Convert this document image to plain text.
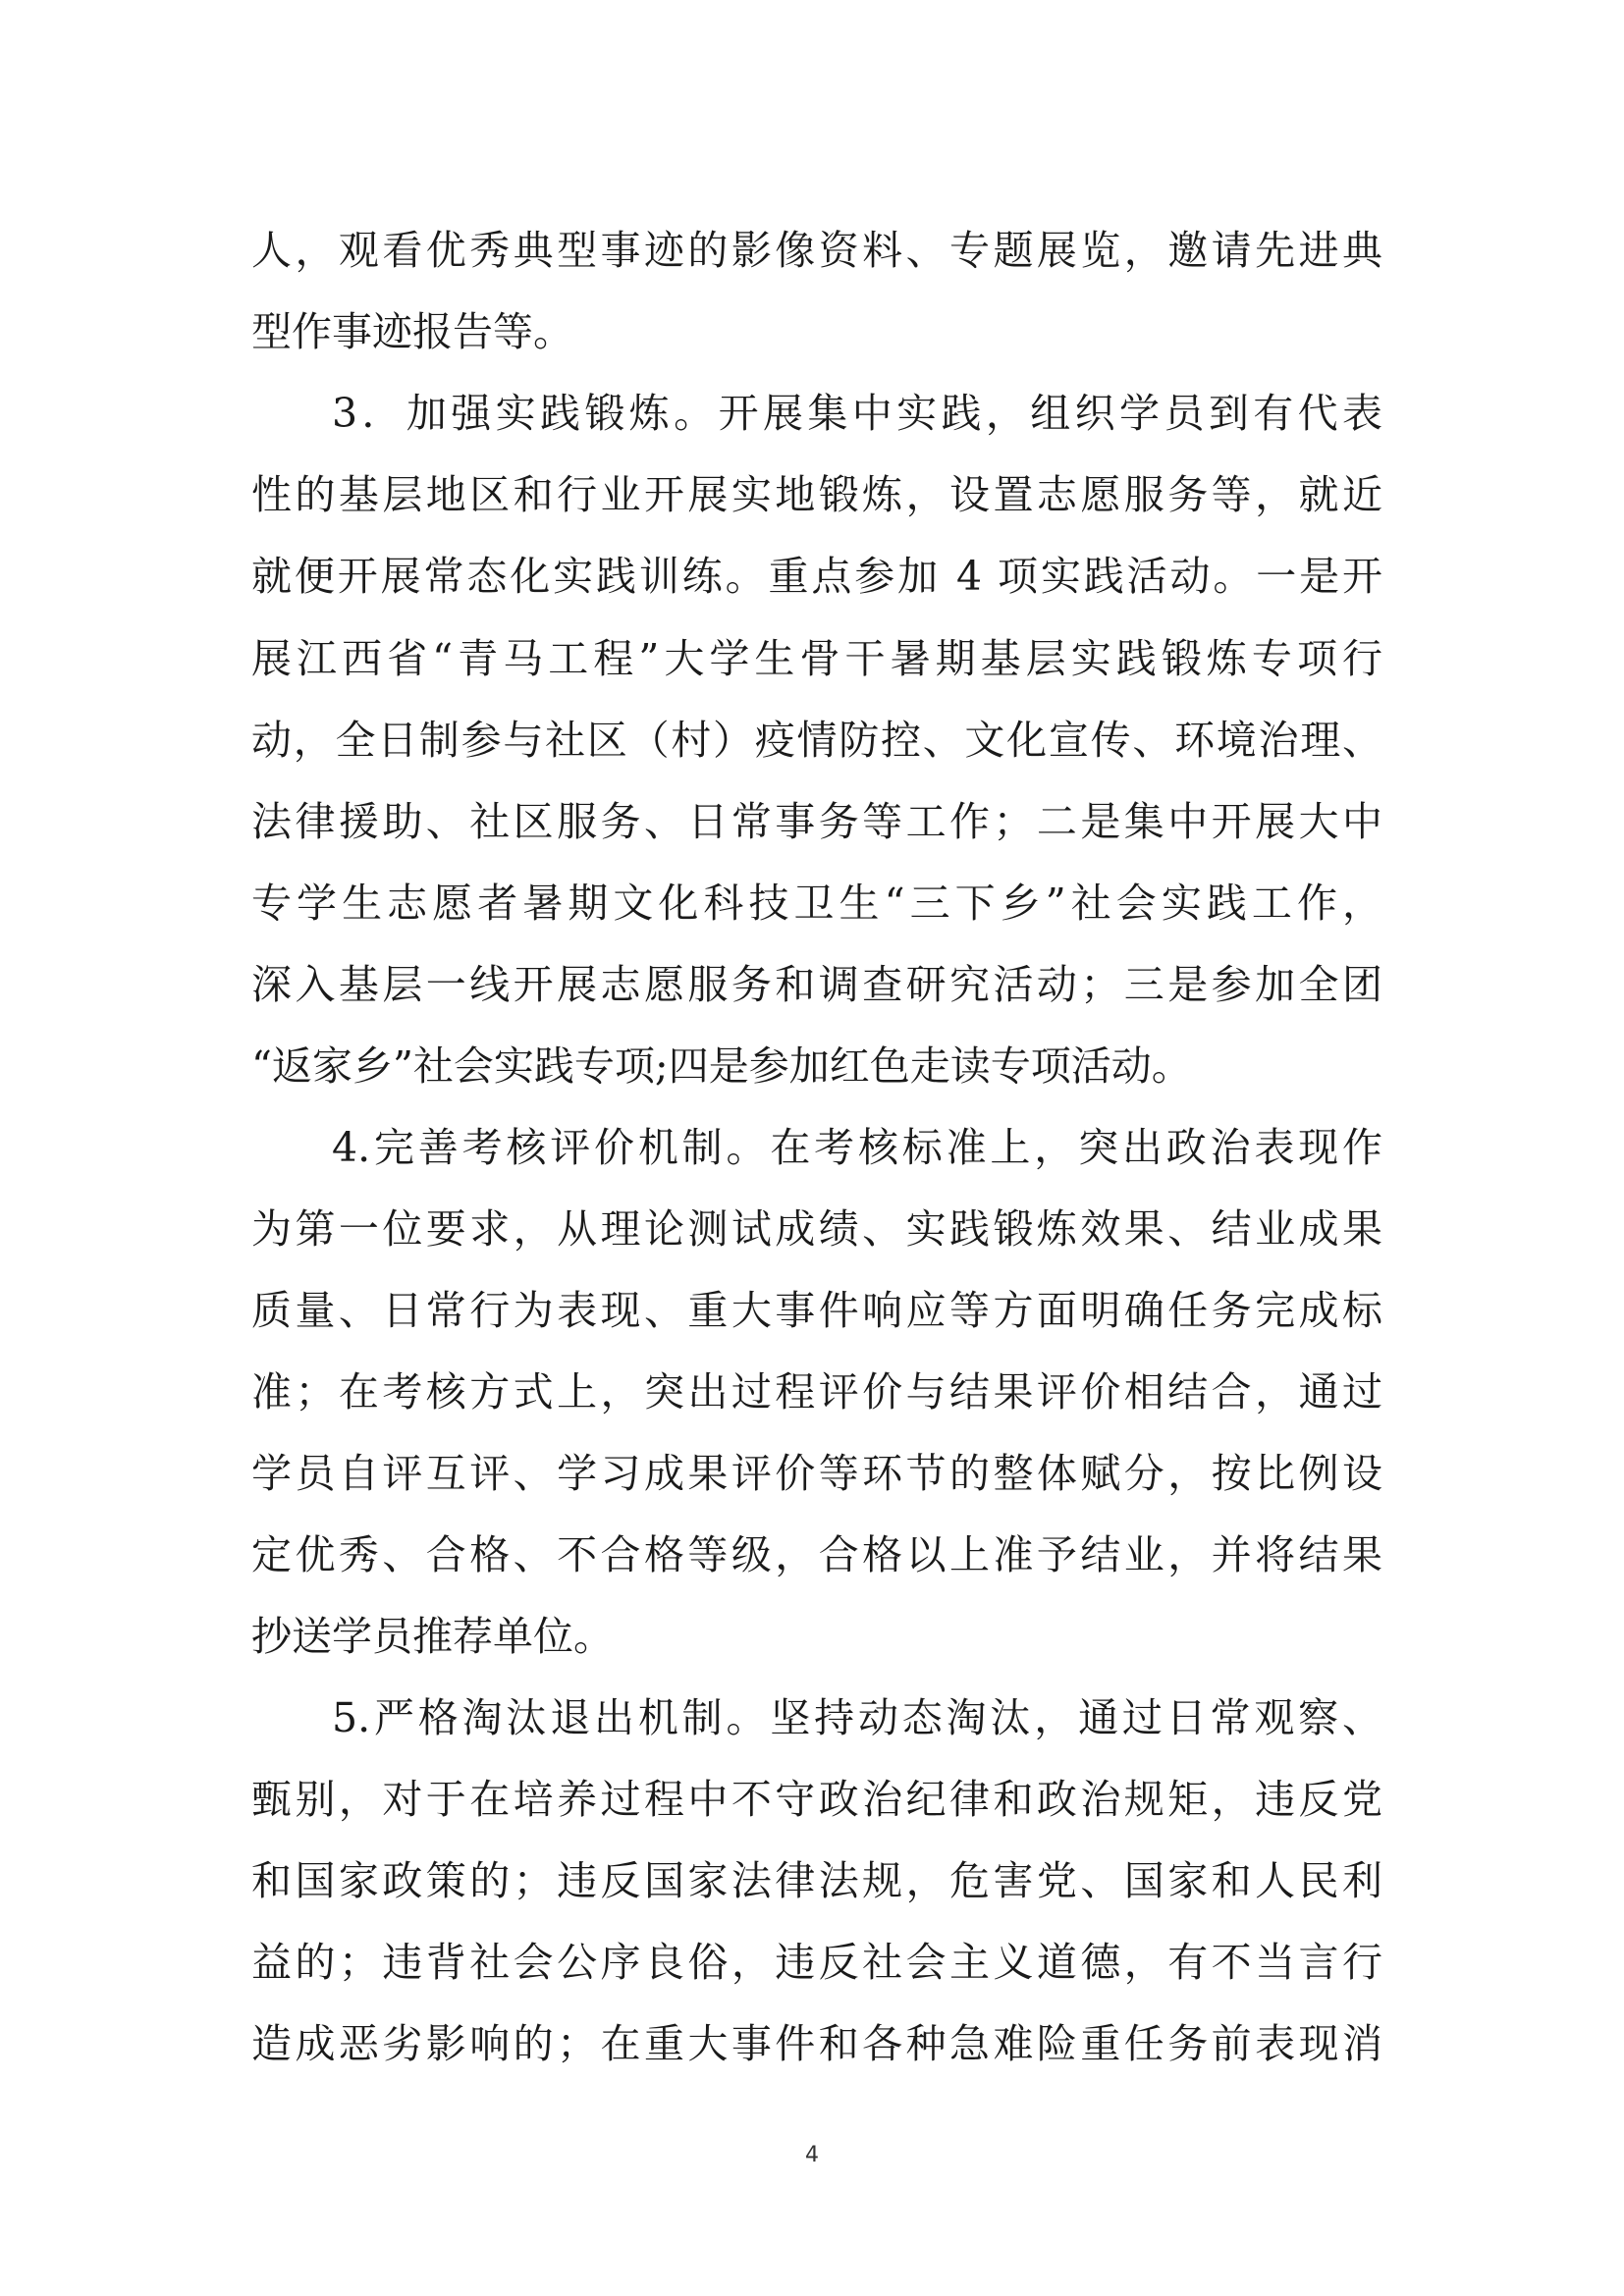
人，观看优秀典型事迹的影像资料、专题展览，邀请先进典
型作事迹报告等。
3．加强实践锻炼。开展集中实践，组织学员到有代表
性的基层地区和行业开展实地锻炼，设置志愿服务等，就近
就便开展常态化实践训练。重点参加 4 项实践活动。一是开
展江西省“青马工程”大学生骨干暑期基层实践锻炼专项行
动，全日制参与社区（村）疫情防控、文化宣传、环境治理、
法律援助、社区服务、日常事务等工作；二是集中开展大中
专学生志愿者暑期文化科技卫生“三下乡”社会实践工作，
深入基层一线开展志愿服务和调查研究活动；三是参加全团
“返家乡”社会实践专项;四是参加红色走读专项活动。
4.完善考核评价机制。在考核标准上，突出政治表现作
为第一位要求，从理论测试成绩、实践锻炼效果、结业成果
质量、日常行为表现、重大事件响应等方面明确任务完成标
准；在考核方式上，突出过程评价与结果评价相结合，通过
学员自评互评、学习成果评价等环节的整体赋分，按比例设
定优秀、合格、不合格等级，合格以上准予结业，并将结果
抄送学员推荐单位。
5.严格淘汰退出机制。坚持动态淘汰，通过日常观察、
甄别，对于在培养过程中不守政治纪律和政治规矩，违反党
和国家政策的；违反国家法律法规，危害党、国家和人民利
益的；违背社会公序良俗，违反社会主义道德，有不当言行
造成恶劣影响的；在重大事件和各种急难险重任务前表现消
4
